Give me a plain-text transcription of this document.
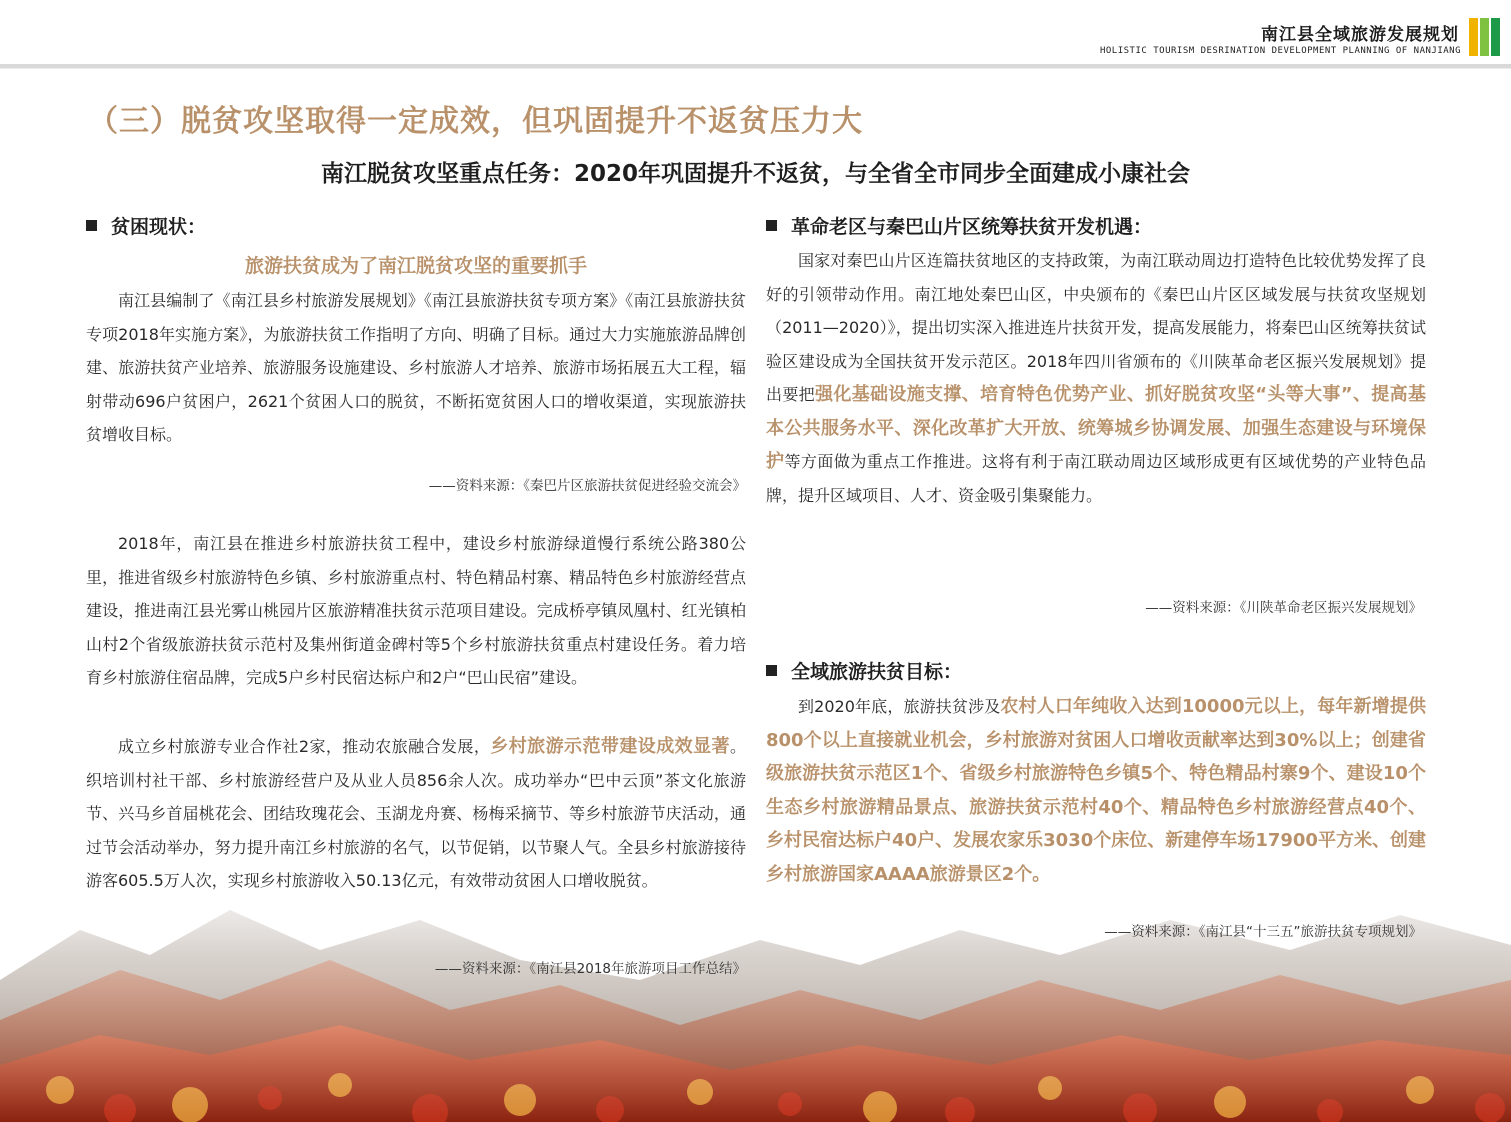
南江县全域旅游发展规划
HOLISTIC TOURISM DESRINATION DEVELOPMENT PLANNING OF NANJIANG
（三）脱贫攻坚取得一定成效，但巩固提升不返贫压力大
南江脱贫攻坚重点任务：2020年巩固提升不返贫，与全省全市同步全面建成小康社会
贫困现状：
旅游扶贫成为了南江脱贫攻坚的重要抓手
南江县编制了《南江县乡村旅游发展规划》《南江县旅游扶贫专项方案》《南江县旅游扶贫专项2018年实施方案》，为旅游扶贫工作指明了方向、明确了目标。通过大力实施旅游品牌创建、旅游扶贫产业培养、旅游服务设施建设、乡村旅游人才培养、旅游市场拓展五大工程，辐射带动696户贫困户，2621个贫困人口的脱贫，不断拓宽贫困人口的增收渠道，实现旅游扶贫增收目标。
——资料来源：《秦巴片区旅游扶贫促进经验交流会》
2018年，南江县在推进乡村旅游扶贫工程中，建设乡村旅游绿道慢行系统公路380公里，推进省级乡村旅游特色乡镇、乡村旅游重点村、特色精品村寨、精品特色乡村旅游经营点建设，推进南江县光雾山桃园片区旅游精准扶贫示范项目建设。完成桥亭镇凤凰村、红光镇柏山村2个省级旅游扶贫示范村及集州街道金碑村等5个乡村旅游扶贫重点村建设任务。着力培育乡村旅游住宿品牌，完成5户乡村民宿达标户和2户“巴山民宿”建设。
成立乡村旅游专业合作社2家，推动农旅融合发展，乡村旅游示范带建设成效显著。织培训村社干部、乡村旅游经营户及从业人员856余人次。成功举办“巴中云顶”茶文化旅游节、兴马乡首届桃花会、团结玫瑰花会、玉湖龙舟赛、杨梅采摘节、等乡村旅游节庆活动，通过节会活动举办，努力提升南江乡村旅游的名气，以节促销，以节聚人气。全县乡村旅游接待游客605.5万人次，实现乡村旅游收入50.13亿元，有效带动贫困人口增收脱贫。
——资料来源：《南江县2018年旅游项目工作总结》
革命老区与秦巴山片区统筹扶贫开发机遇：
国家对秦巴山片区连篇扶贫地区的支持政策，为南江联动周边打造特色比较优势发挥了良好的引领带动作用。南江地处秦巴山区，中央颁布的《秦巴山片区区域发展与扶贫攻坚规划（2011—2020）》，提出切实深入推进连片扶贫开发，提高发展能力，将秦巴山区统筹扶贫试验区建设成为全国扶贫开发示范区。2018年四川省颁布的《川陕革命老区振兴发展规划》提出要把强化基础设施支撑、培育特色优势产业、抓好脱贫攻坚“头等大事”、提高基本公共服务水平、深化改革扩大开放、统筹城乡协调发展、加强生态建设与环境保护等方面做为重点工作推进。这将有利于南江联动周边区域形成更有区域优势的产业特色品牌，提升区域项目、人才、资金吸引集聚能力。
——资料来源：《川陕革命老区振兴发展规划》
全域旅游扶贫目标：
到2020年底，旅游扶贫涉及农村人口年纯收入达到10000元以上，每年新增提供800个以上直接就业机会，乡村旅游对贫困人口增收贡献率达到30%以上；创建省级旅游扶贫示范区1个、省级乡村旅游特色乡镇5个、特色精品村寨9个、建设10个生态乡村旅游精品景点、旅游扶贫示范村40个、精品特色乡村旅游经营点40个、乡村民宿达标户40户、发展农家乐3030个床位、新建停车场17900平方米、创建乡村旅游国家AAAA旅游景区2个。
——资料来源：《南江县“十三五”旅游扶贫专项规划》
